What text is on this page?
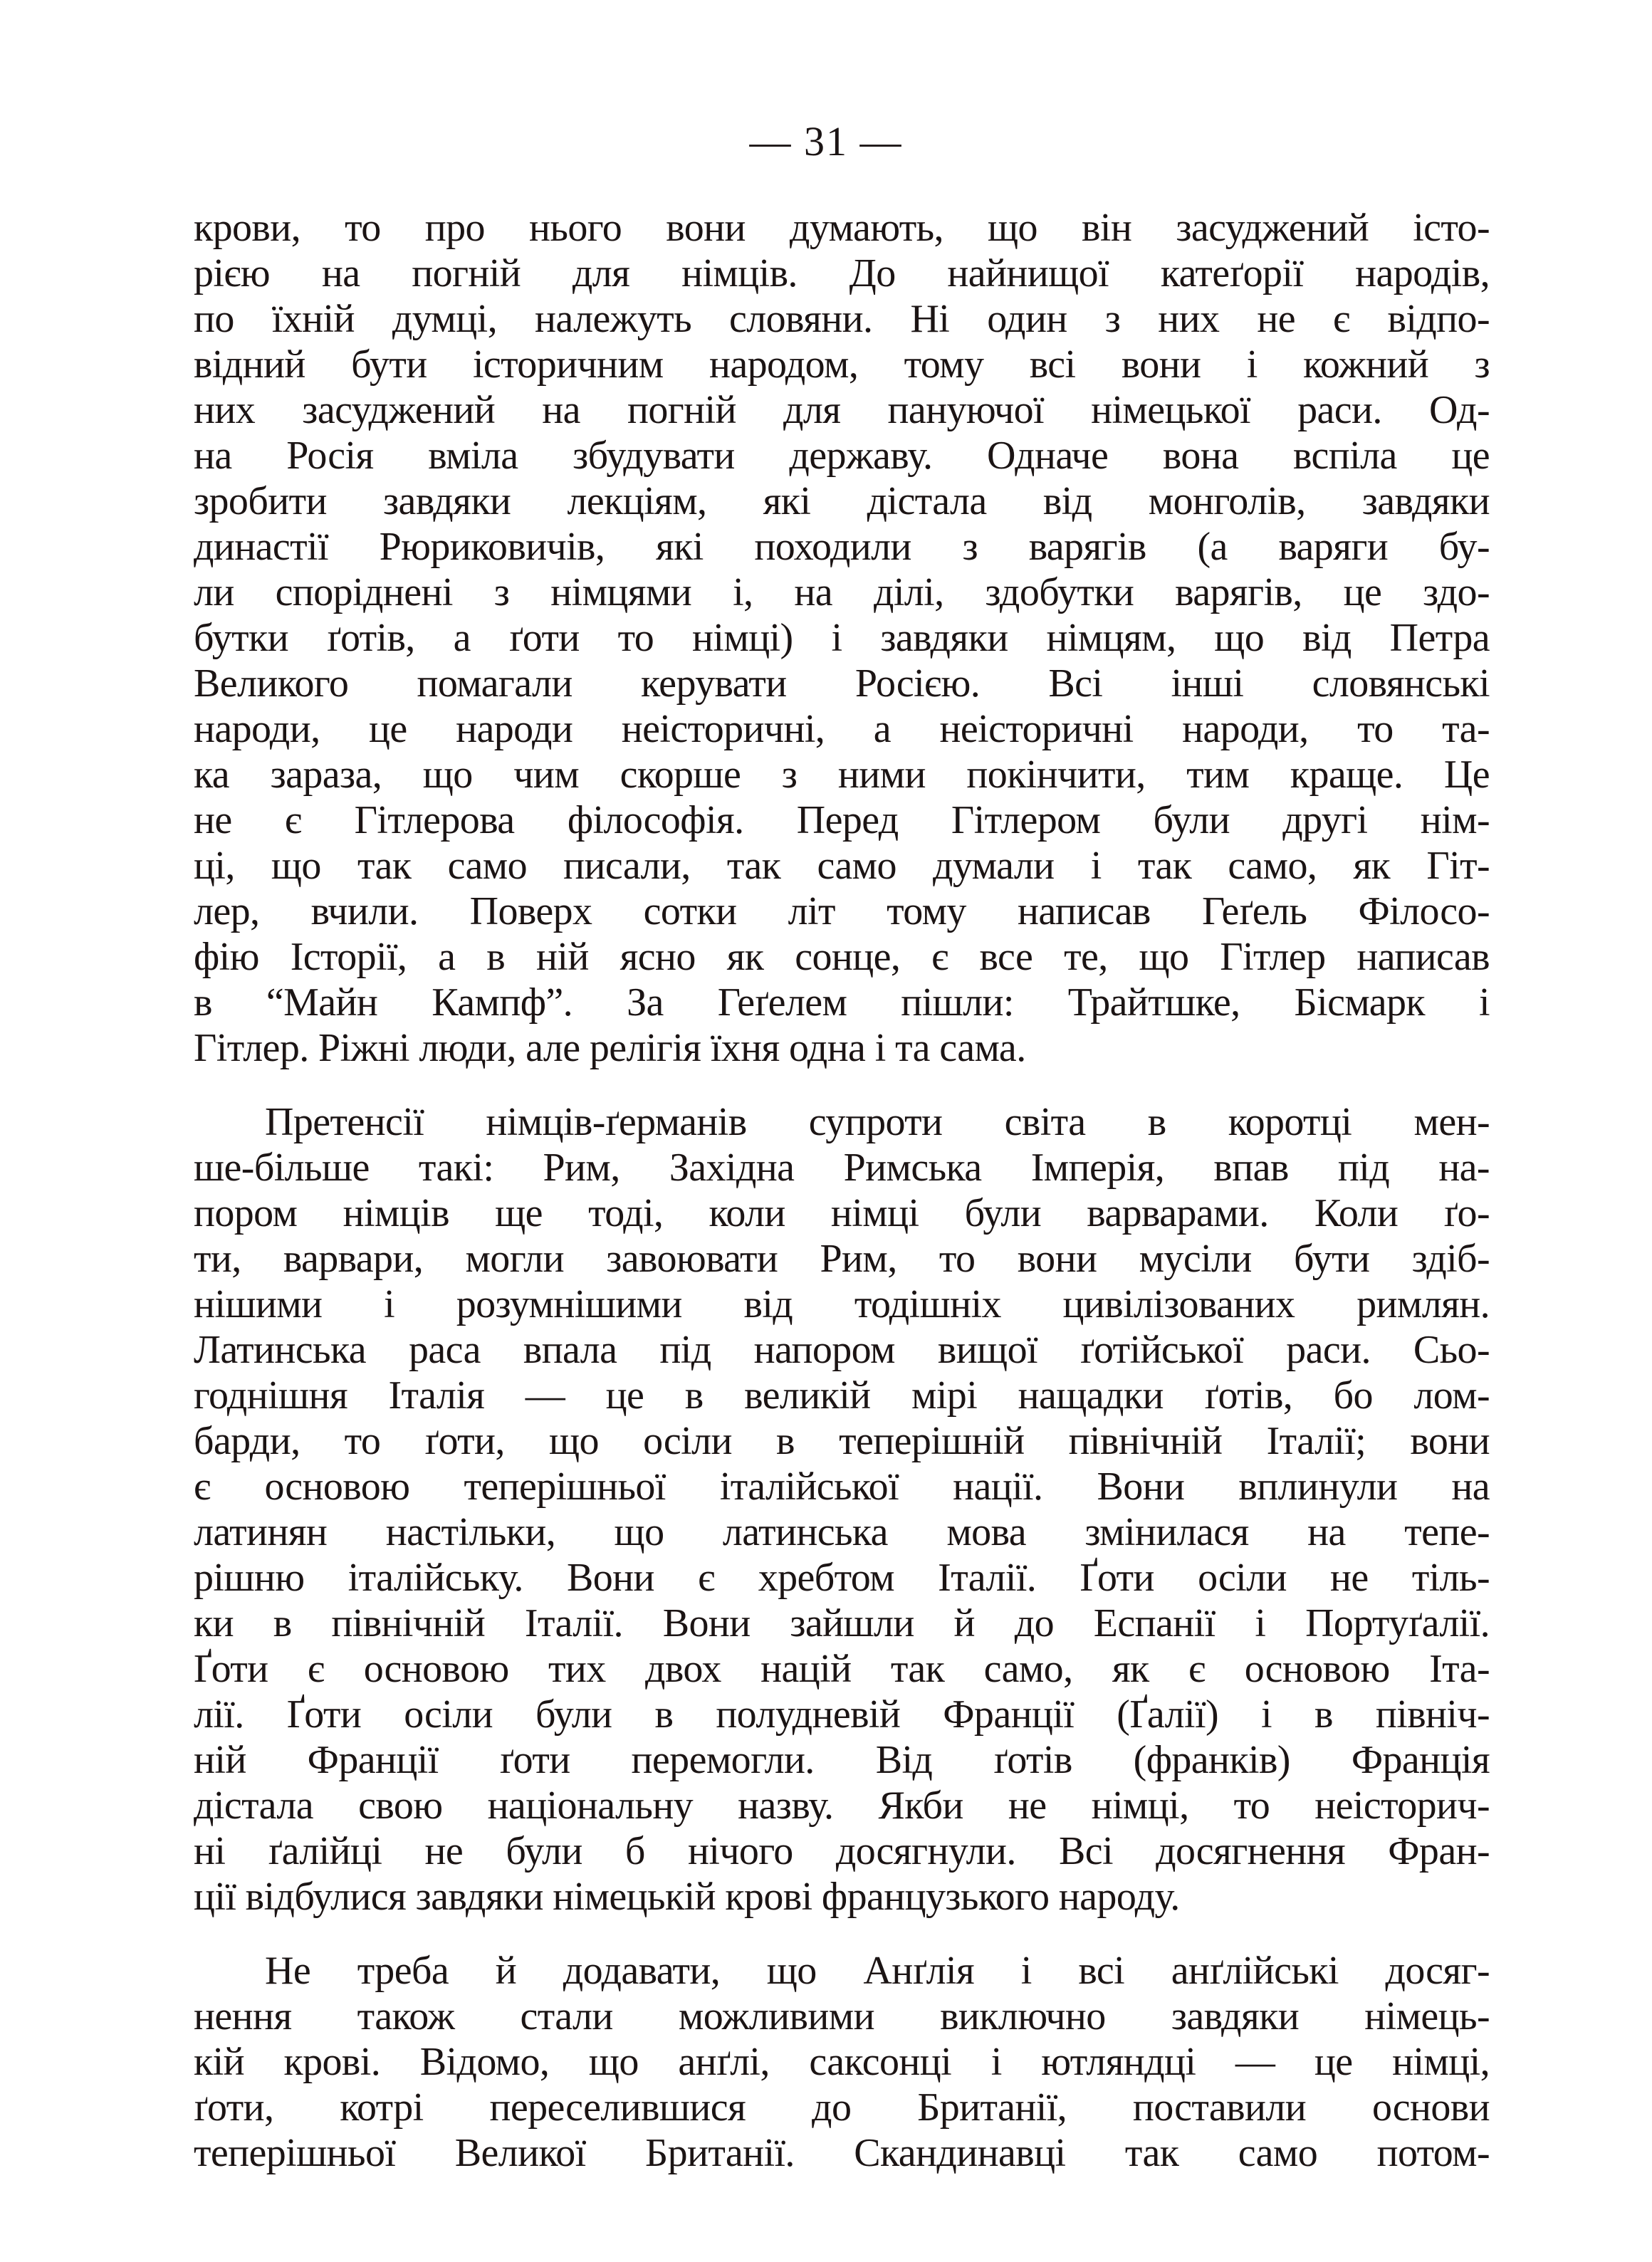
— 31 —
крови, то про нього вони думають, що він засуджений істо-
рією на погній для німців. До найнищої катеґорії народів,
по їхній думці, належуть словяни. Ні один з них не є відпо-
відний бути історичним народом, тому всі вони і кожний з
них засуджений на погній для пануючої німецької раси. Од-
на Росія вміла збудувати державу. Одначе вона вспіла це
зробити завдяки лекціям, які дістала від монголів, завдяки
династії Рюриковичів, які походили з варягів (а варяги бу-
ли споріднені з німцями і, на ділі, здобутки варягів, це здо-
бутки ґотів, а ґоти то німці) і завдяки німцям, що від Петра
Великого помагали керувати Росією. Всі інші словянські
народи, це народи неісторичні, а неісторичні народи, то та-
ка зараза, що чим скорше з ними покінчити, тим краще. Це
не є Гітлерова філософія. Перед Гітлером були другі нім-
ці, що так само писали, так само думали і так само, як Гіт-
лер, вчили. Поверх сотки літ тому написав Геґель Філосо-
фію Історії, а в ній ясно як сонце, є все те, що Гітлер написав
в “Майн Кампф”. За Геґелем пішли: Трайтшке, Бісмарк і
Гітлер. Ріжні люди, але релігія їхня одна і та сама.
Претенсії німців-ґерманів супроти світа в коротці мен-
ше-більше такі: Рим, Західна Римська Імперія, впав під на-
пором німців ще тоді, коли німці були варварами. Коли ґо-
ти, варвари, могли завоювати Рим, то вони мусіли бути здіб-
нішими і розумнішими від тодішніх цивілізованих римлян.
Латинська раса впала під напором вищої ґотійської раси. Сьо-
годнішня Італія — це в великій мірі нащадки ґотів, бо лом-
барди, то ґоти, що осіли в теперішній північній Італії; вони
є основою теперішньої італійської нації. Вони вплинули на
латинян настільки, що латинська мова змінилася на тепе-
рішню італійську. Вони є хребтом Італії. Ґоти осіли не тіль-
ки в північній Італії. Вони зайшли й до Еспанії і Портуґалії.
Ґоти є основою тих двох націй так само, як є основою Іта-
лії. Ґоти осіли були в полудневій Франції (Ґалії) і в північ-
ній Франції ґоти перемогли. Від ґотів (франків) Франція
дістала свою національну назву. Якби не німці, то неісторич-
ні ґалійці не були б нічого досягнули. Всі досягнення Фран-
ції відбулися завдяки німецькій крові французького народу.
Не треба й додавати, що Анґлія і всі анґлійські досяг-
нення також стали можливими виключно завдяки німець-
кій крові. Відомо, що анґлі, саксонці і ютляндці — це німці,
ґоти, котрі переселившися до Британії, поставили основи
теперішньої Великої Британії. Скандинавці так само потом-
